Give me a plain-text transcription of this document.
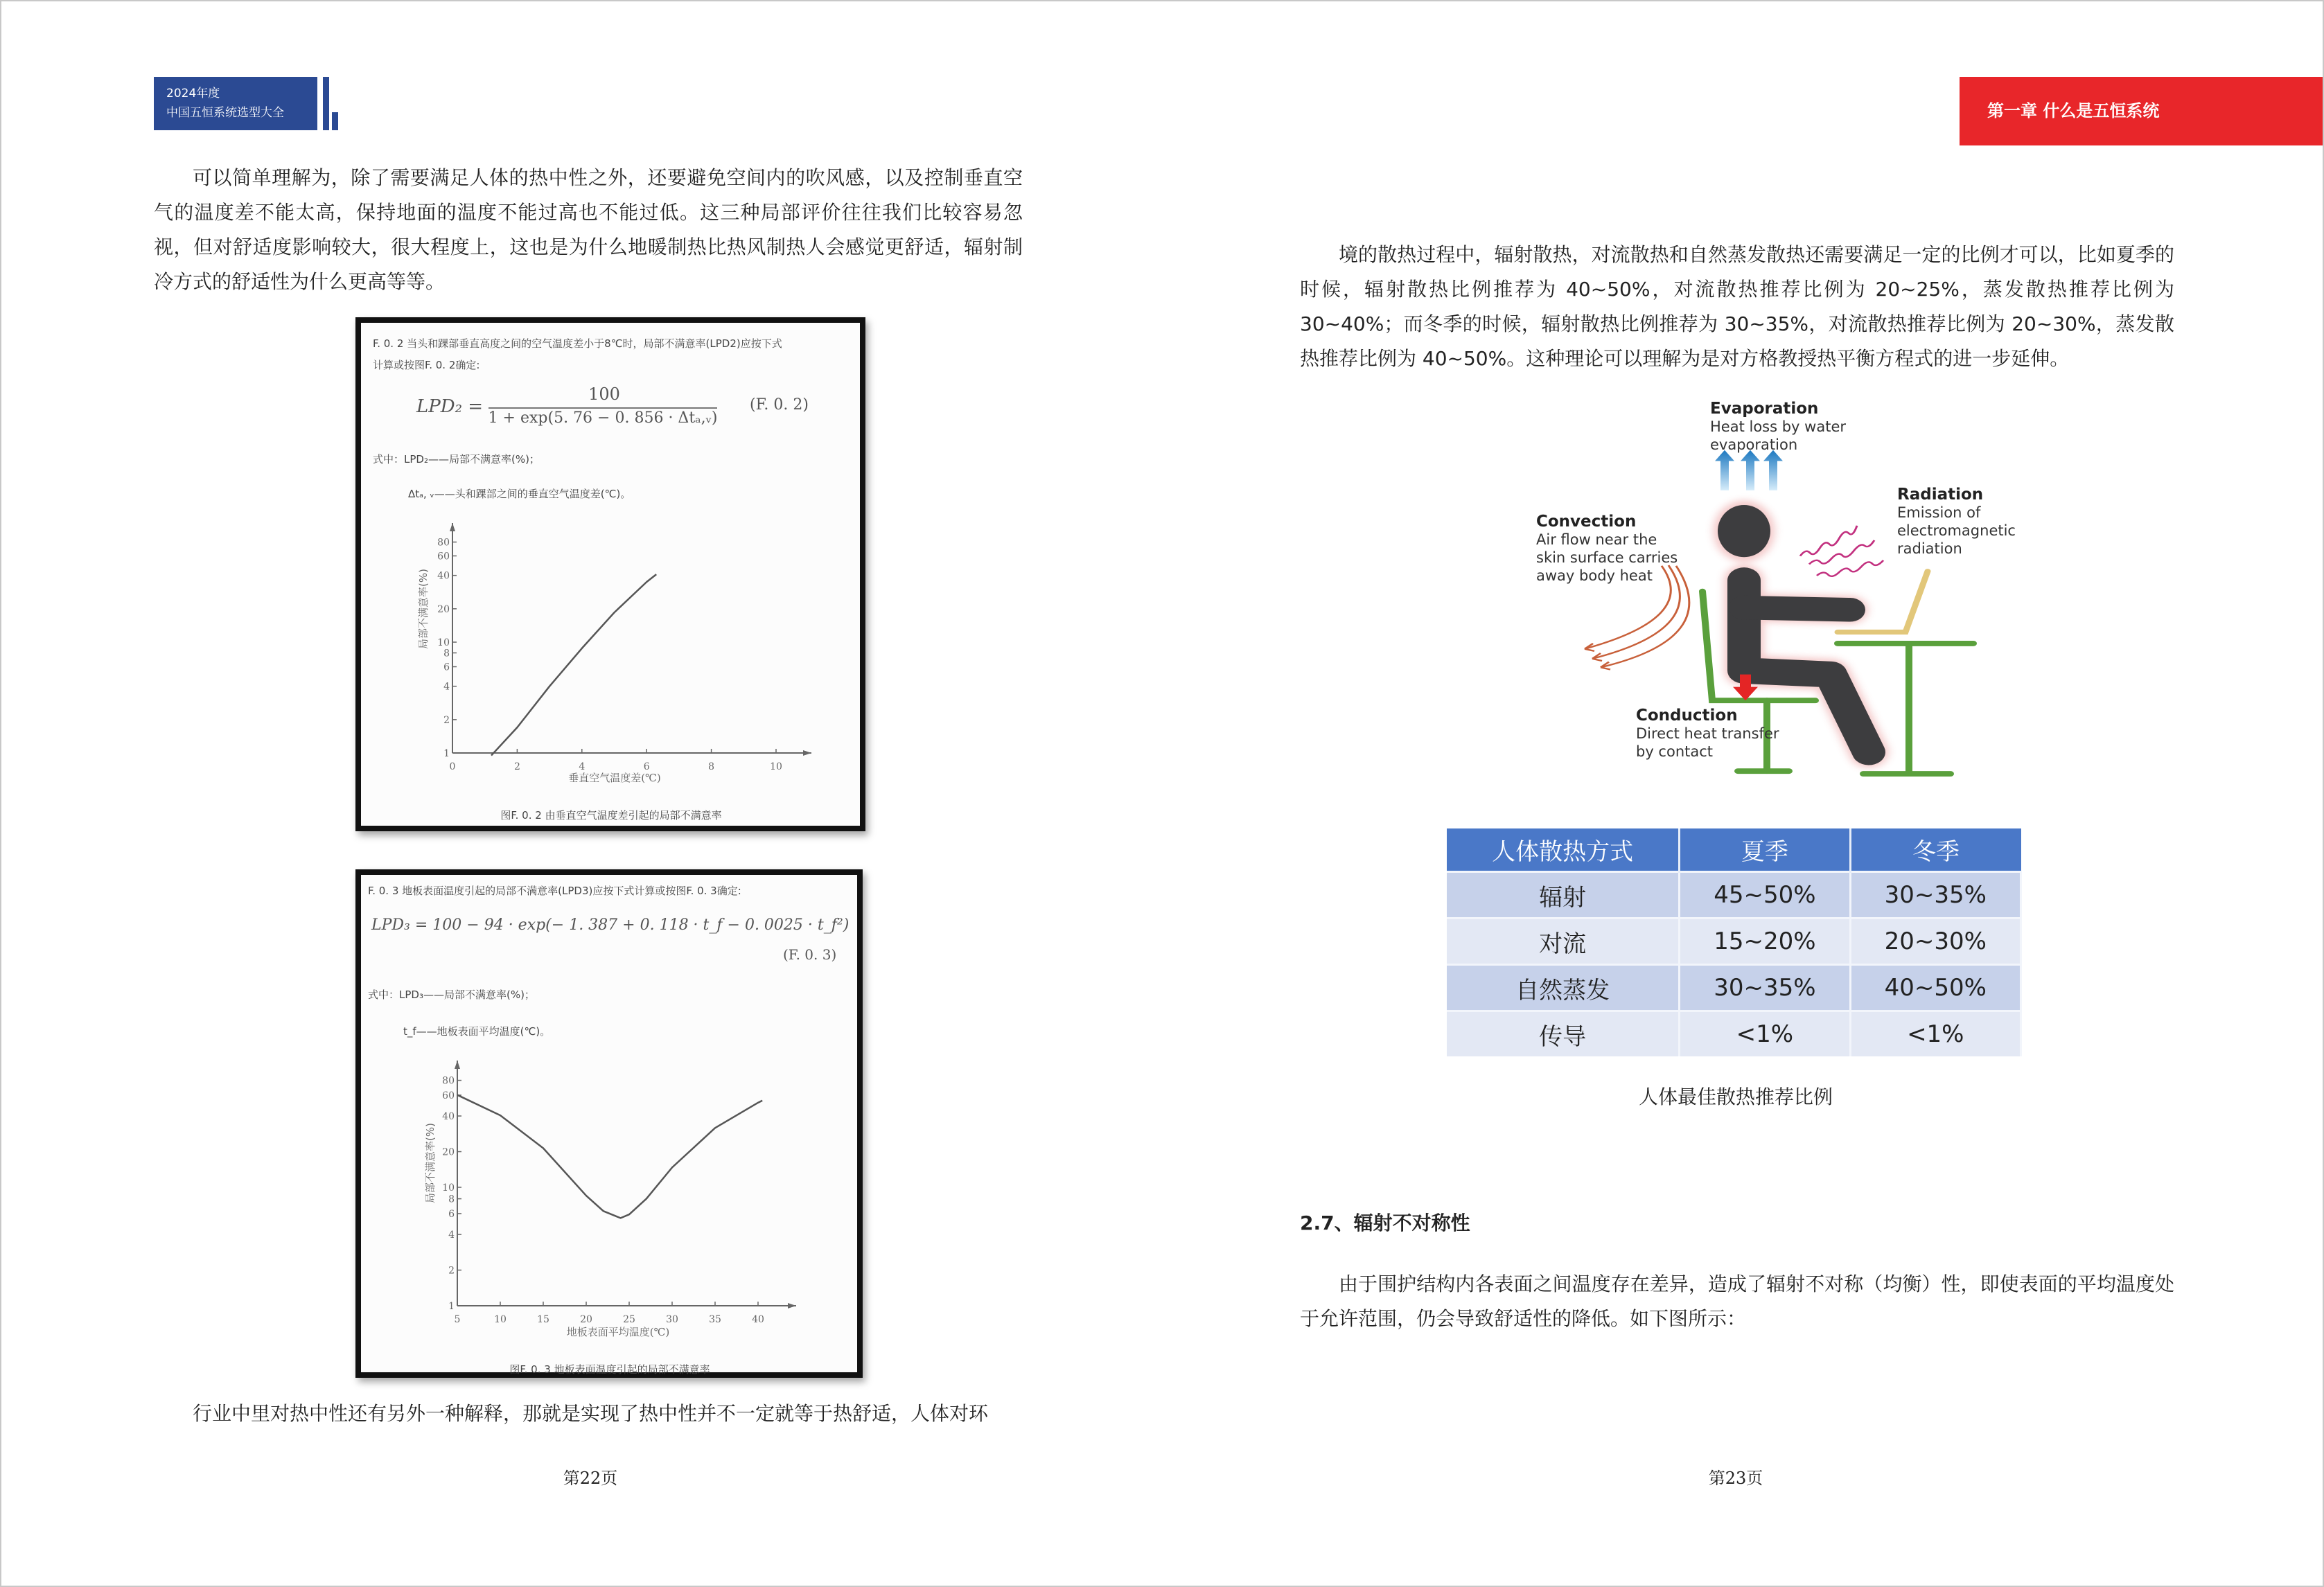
2024年度
中国五恒系统选型大全	第一章 什么是五恒系统

可以简单理解为，除了需要满足人体的热中性之外，还要避免空间内的吹风感，以及控制垂直空气的温度差不能太高，保持地面的温度不能过高也不能过低。这三种局部评价往往我们比较容易忽视，但对舒适度影响较大，很大程度上，这也是为什么地暖制热比热风制热人会感觉更舒适，辐射制冷方式的舒适性为什么更高等等。

F. 0. 2 当头和踝部垂直高度之间的空气温度差小于8℃时，局部不满意率(LPD2)应按下式
计算或按图F. 0. 2确定:
LPD₂ =
100
1 + exp(5. 76 − 0. 856 · Δtₐ,ᵥ)
(F. 0. 2)
式中：LPD₂——局部不满意率(%)；
Δtₐ, ᵥ——头和踝部之间的垂直空气温度差(℃)。
垂直空气温度差(℃)
局部不满意率(%)
图F. 0. 2 由垂直空气温度差引起的局部不满意率
F. 0. 3 地板表面温度引起的局部不满意率(LPD3)应按下式计算或按图F. 0. 3确定:
LPD₃ = 100 − 94 · exp(− 1. 387 + 0. 118 · t_f − 0. 0025 · t_f²)
(F. 0. 3)
式中：LPD₃——局部不满意率(%)；
t_f——地板表面平均温度(℃)。
地板表面平均温度(℃)
局部不满意率(%)
图F. 0. 3 地板表面温度引起的局部不满意率
0	2	4	6	8	10
1
2
4
6
8
10
20
40
60
80
5	10	15	20	25	30	35	40
1
2
4
6
8
10
20
40
60
80

行业中里对热中性还有另外一种解释，那就是实现了热中性并不一定就等于热舒适，人体对环

第22页

境的散热过程中，辐射散热，对流散热和自然蒸发散热还需要满足一定的比例才可以，比如夏季的时候，辐射散热比例推荐为 40~50%，对流散热推荐比例为 20~25%，蒸发散热推荐比例为 30~40%；而冬季的时候，辐射散热比例推荐为 30~35%，对流散热推荐比例为 20~30%，蒸发散热推荐比例为 40~50%。这种理论可以理解为是对方格教授热平衡方程式的进一步延伸。

Evaporation
Heat loss by water
evaporation
Radiation
Emission of
electromagnetic
radiation
Convection
Air flow near the
skin surface carries
away body heat
Conduction
Direct heat transfer
by contact
人体散热方式	夏季	冬季
辐射	45~50%	30~35%
对流	15~20%	20~30%
自然蒸发	30~35%	40~50%
传导	<1%	<1%
人体最佳散热推荐比例
2.7、辐射不对称性

由于围护结构内各表面之间温度存在差异，造成了辐射不对称（均衡）性，即使表面的平均温度处于允许范围，仍会导致舒适性的降低。如下图所示：

第23页
